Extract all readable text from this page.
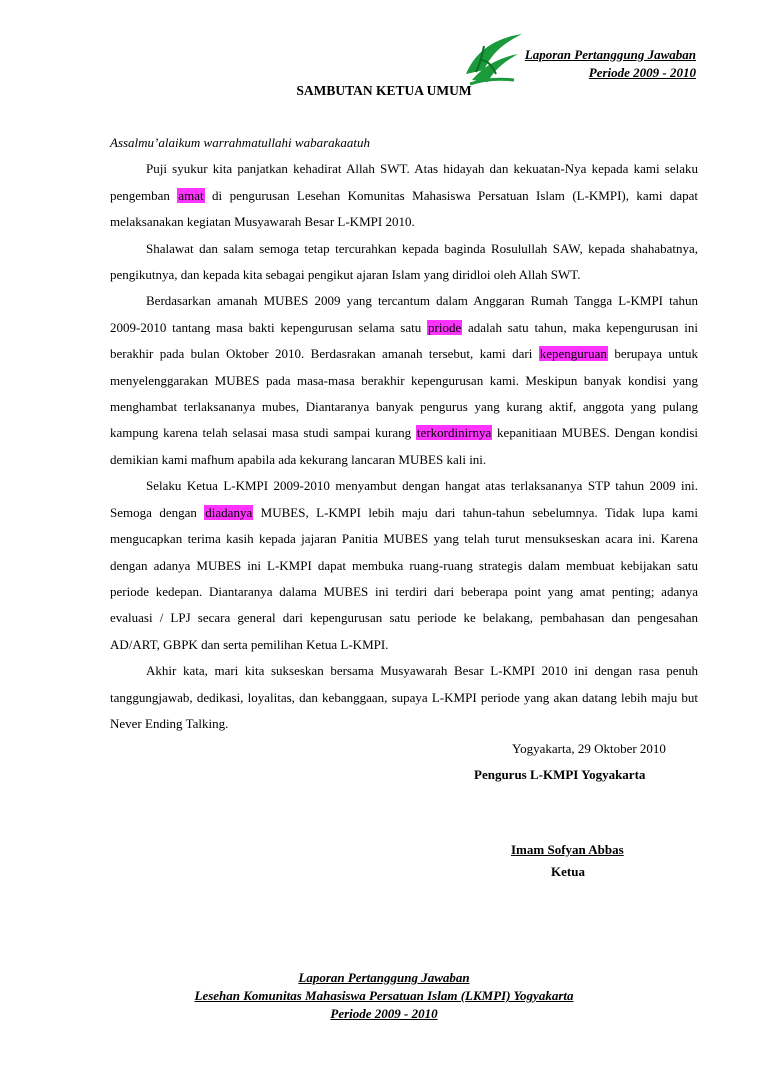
Laporan Pertanggung Jawaban
Periode 2009 - 2010
SAMBUTAN KETUA UMUM

Assalmu’alaikum warrahmatullahi wabarakaatuh

Puji syukur kita panjatkan kehadirat Allah SWT. Atas hidayah dan kekuatan-Nya kepada kami selaku pengemban amat di pengurusan Lesehan Komunitas Mahasiswa Persatuan Islam (L-KMPI), kami dapat melaksanakan kegiatan Musyawarah Besar L-KMPI 2010.

Shalawat dan salam semoga tetap tercurahkan kepada baginda Rosulullah SAW, kepada shahabatnya, pengikutnya, dan kepada kita sebagai pengikut ajaran Islam yang diridloi oleh Allah SWT.

Berdasarkan amanah MUBES 2009 yang tercantum dalam Anggaran Rumah Tangga L-KMPI tahun 2009-2010 tantang masa bakti kepengurusan selama satu priode adalah satu tahun, maka kepengurusan ini berakhir pada bulan Oktober 2010. Berdasrakan amanah tersebut, kami dari kepenguruan berupaya untuk menyelenggarakan MUBES pada masa-masa berakhir kepengurusan kami. Meskipun banyak kondisi yang menghambat terlaksananya mubes, Diantaranya banyak pengurus yang kurang aktif, anggota yang pulang kampung karena telah selasai masa studi sampai kurang terkordinirnya kepanitiaan MUBES. Dengan kondisi demikian kami mafhum apabila ada kekurang lancaran MUBES kali ini.

Selaku Ketua L-KMPI 2009-2010 menyambut dengan hangat atas terlaksananya STP tahun 2009 ini. Semoga dengan diadanya MUBES, L-KMPI lebih maju dari tahun-tahun sebelumnya. Tidak lupa kami mengucapkan terima kasih kepada jajaran Panitia MUBES yang telah turut mensukseskan acara ini. Karena dengan adanya MUBES ini L-KMPI dapat membuka ruang-ruang strategis dalam membuat kebijakan satu periode kedepan. Diantaranya dalama MUBES ini terdiri dari beberapa point yang amat penting; adanya evaluasi / LPJ secara general dari kepengurusan satu periode ke belakang, pembahasan dan pengesahan AD/ART, GBPK dan serta pemilihan Ketua L-KMPI.

Akhir kata, mari kita sukseskan bersama Musyawarah Besar L-KMPI 2010 ini dengan rasa penuh tanggungjawab, dedikasi, loyalitas, dan kebanggaan, supaya L-KMPI periode yang akan datang lebih maju but Never Ending Talking.

Yogyakarta, 29 Oktober 2010
Pengurus L-KMPI Yogyakarta
Imam Sofyan Abbas
Ketua
Laporan Pertanggung Jawaban
Lesehan Komunitas Mahasiswa Persatuan Islam (LKMPI) Yogyakarta
Periode 2009 - 2010
